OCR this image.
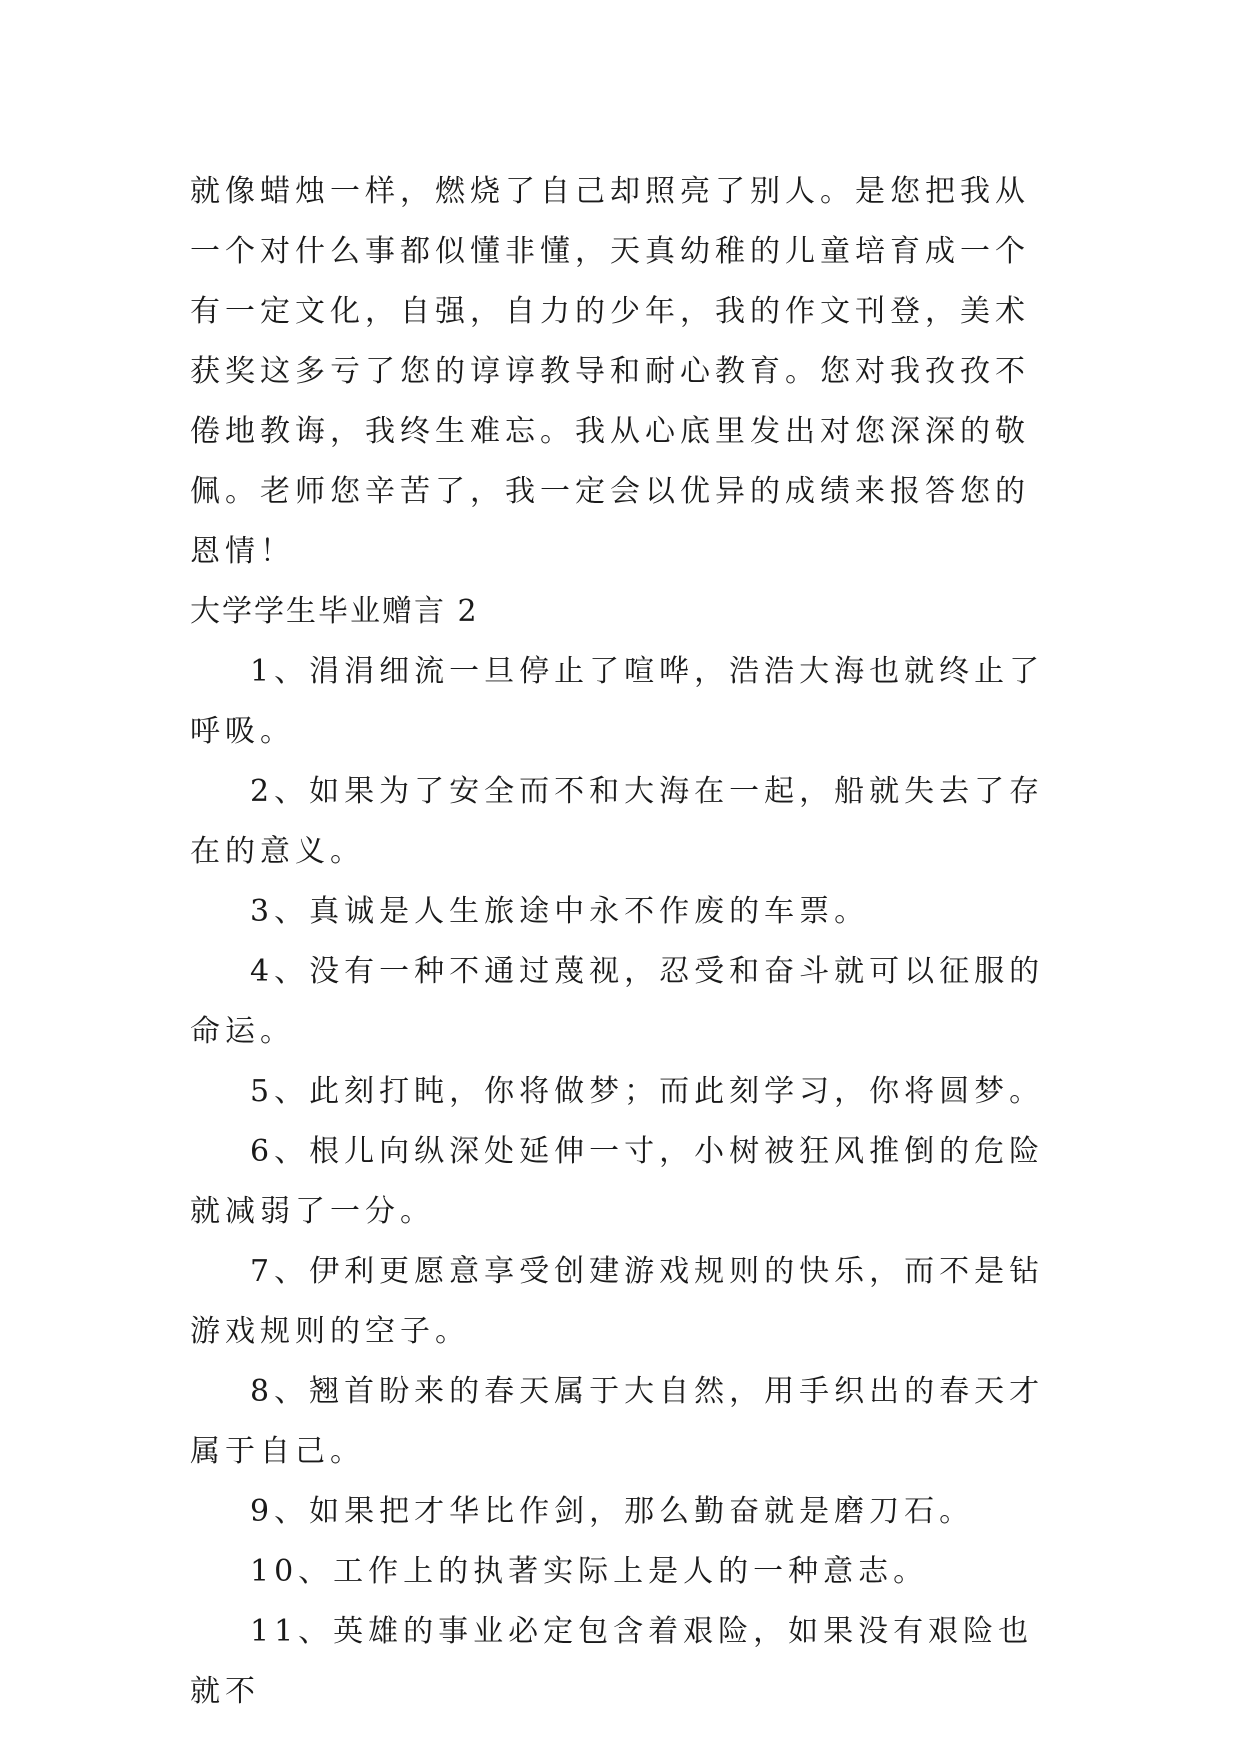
就像蜡烛一样，燃烧了自己却照亮了别人。是您把我从一个对什么事都似懂非懂，天真幼稚的儿童培育成一个有一定文化，自强，自力的少年，我的作文刊登，美术获奖这多亏了您的谆谆教导和耐心教育。您对我孜孜不倦地教诲，我终生难忘。我从心底里发出对您深深的敬佩。老师您辛苦了，我一定会以优异的成绩来报答您的恩情！

大学学生毕业赠言 2

1、涓涓细流一旦停止了喧哗，浩浩大海也就终止了呼吸。

2、如果为了安全而不和大海在一起，船就失去了存在的意义。

3、真诚是人生旅途中永不作废的车票。

4、没有一种不通过蔑视，忍受和奋斗就可以征服的命运。

5、此刻打盹，你将做梦；而此刻学习，你将圆梦。

6、根儿向纵深处延伸一寸，小树被狂风推倒的危险就减弱了一分。

7、伊利更愿意享受创建游戏规则的快乐，而不是钻游戏规则的空子。

8、翘首盼来的春天属于大自然，用手织出的春天才属于自己。

9、如果把才华比作剑，那么勤奋就是磨刀石。

10、工作上的执著实际上是人的一种意志。

11、英雄的事业必定包含着艰险，如果没有艰险也就不
